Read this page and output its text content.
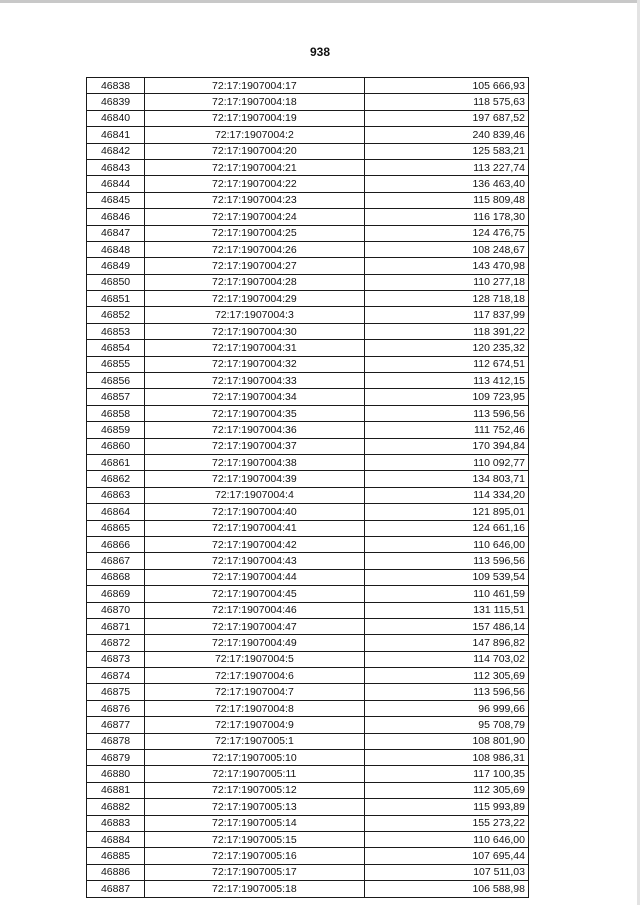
938
46838	72:17:1907004:17	105 666,93
46839	72:17:1907004:18	118 575,63
46840	72:17:1907004:19	197 687,52
46841	72:17:1907004:2	240 839,46
46842	72:17:1907004:20	125 583,21
46843	72:17:1907004:21	113 227,74
46844	72:17:1907004:22	136 463,40
46845	72:17:1907004:23	115 809,48
46846	72:17:1907004:24	116 178,30
46847	72:17:1907004:25	124 476,75
46848	72:17:1907004:26	108 248,67
46849	72:17:1907004:27	143 470,98
46850	72:17:1907004:28	110 277,18
46851	72:17:1907004:29	128 718,18
46852	72:17:1907004:3	117 837,99
46853	72:17:1907004:30	118 391,22
46854	72:17:1907004:31	120 235,32
46855	72:17:1907004:32	112 674,51
46856	72:17:1907004:33	113 412,15
46857	72:17:1907004:34	109 723,95
46858	72:17:1907004:35	113 596,56
46859	72:17:1907004:36	111 752,46
46860	72:17:1907004:37	170 394,84
46861	72:17:1907004:38	110 092,77
46862	72:17:1907004:39	134 803,71
46863	72:17:1907004:4	114 334,20
46864	72:17:1907004:40	121 895,01
46865	72:17:1907004:41	124 661,16
46866	72:17:1907004:42	110 646,00
46867	72:17:1907004:43	113 596,56
46868	72:17:1907004:44	109 539,54
46869	72:17:1907004:45	110 461,59
46870	72:17:1907004:46	131 115,51
46871	72:17:1907004:47	157 486,14
46872	72:17:1907004:49	147 896,82
46873	72:17:1907004:5	114 703,02
46874	72:17:1907004:6	112 305,69
46875	72:17:1907004:7	113 596,56
46876	72:17:1907004:8	96 999,66
46877	72:17:1907004:9	95 708,79
46878	72:17:1907005:1	108 801,90
46879	72:17:1907005:10	108 986,31
46880	72:17:1907005:11	117 100,35
46881	72:17:1907005:12	112 305,69
46882	72:17:1907005:13	115 993,89
46883	72:17:1907005:14	155 273,22
46884	72:17:1907005:15	110 646,00
46885	72:17:1907005:16	107 695,44
46886	72:17:1907005:17	107 511,03
46887	72:17:1907005:18	106 588,98
